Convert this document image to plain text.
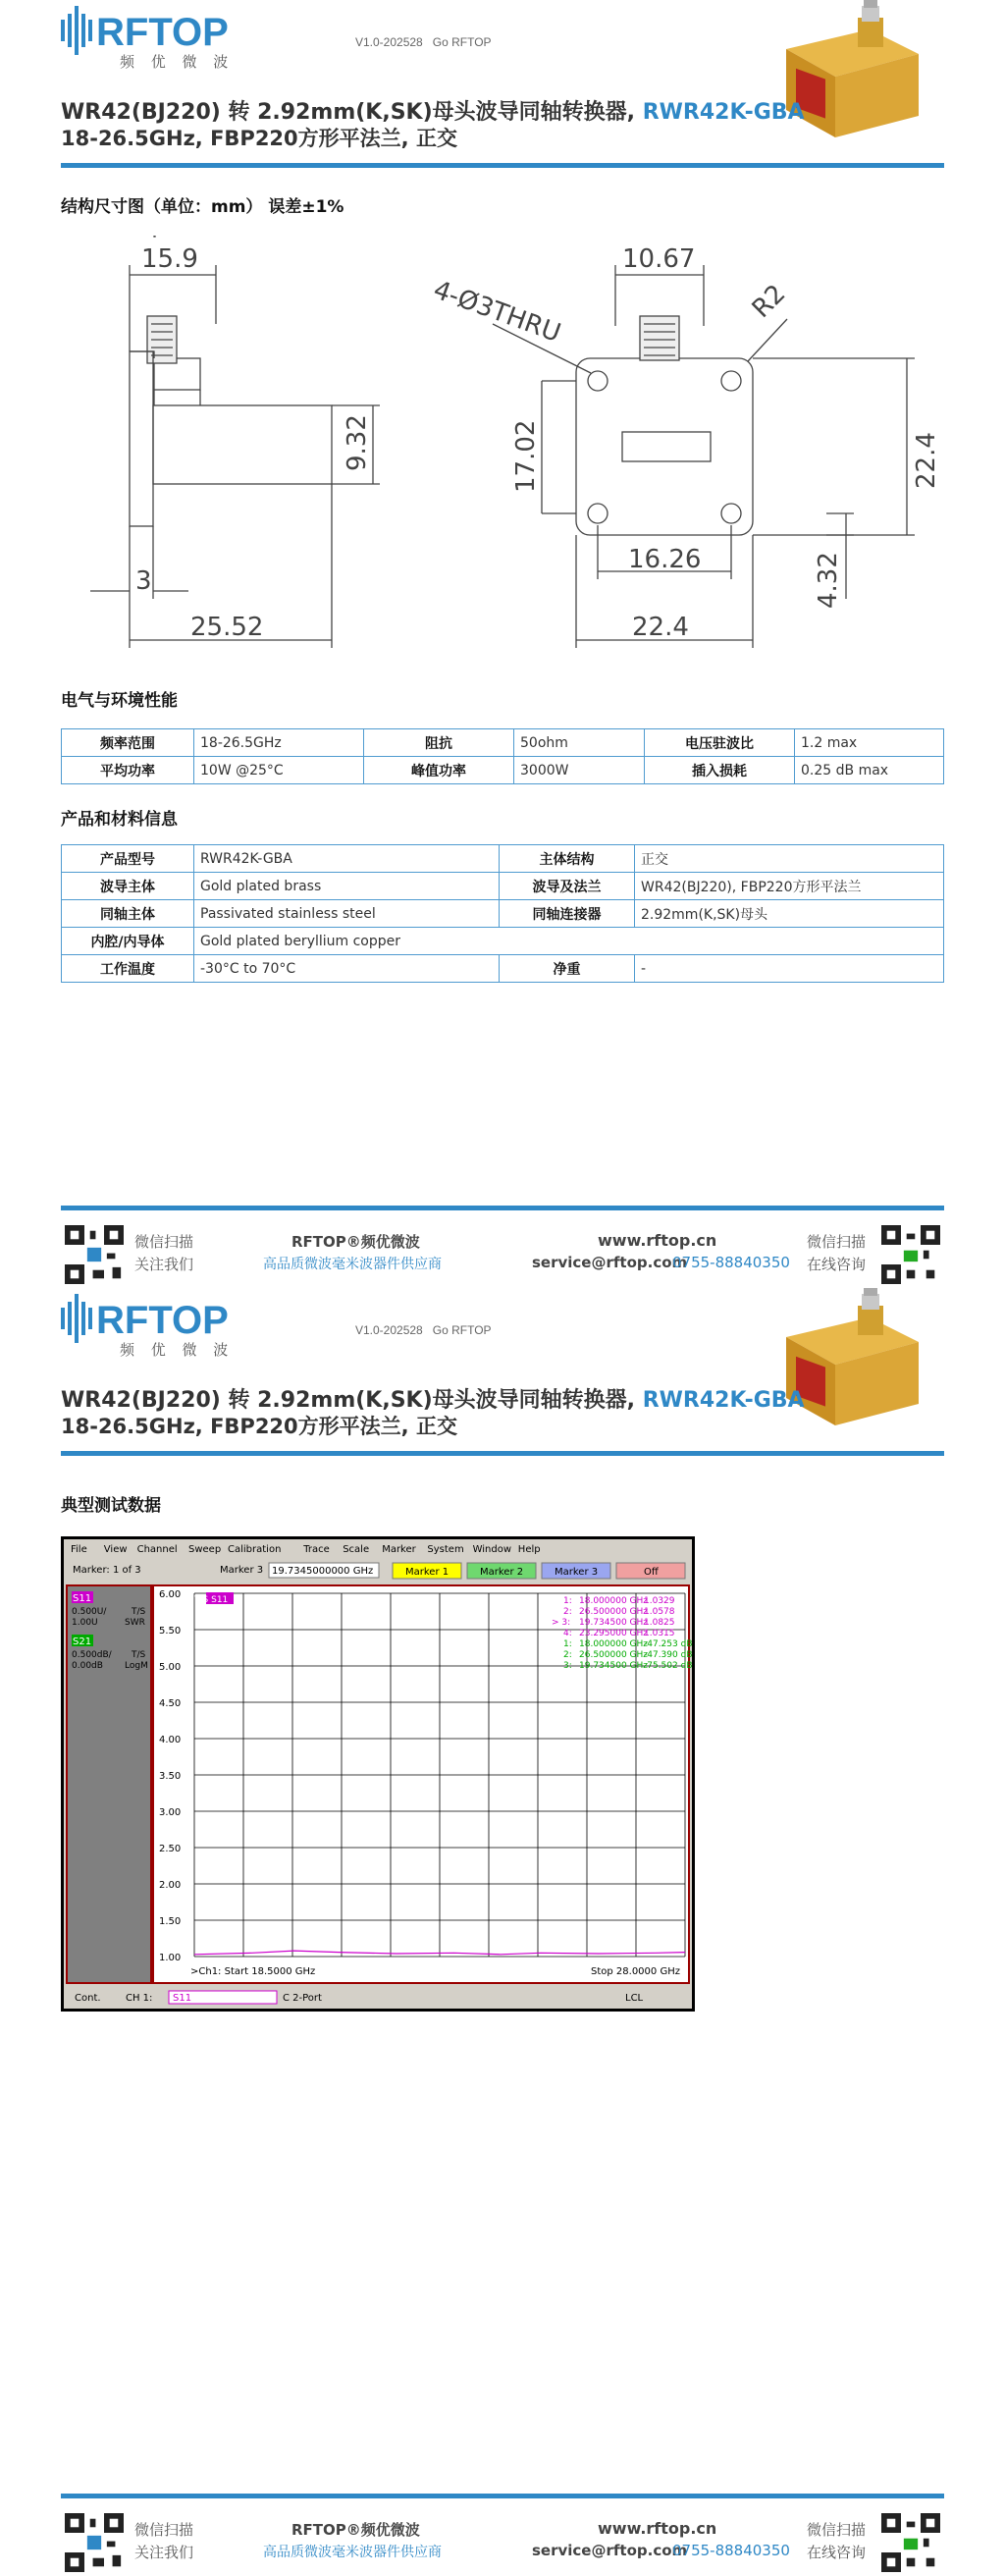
RFTOP
频 优 微 波
V1.0-202528 Go RFTOP
WR42(BJ220) 转 2.92mm(K,SK)母头波导同轴转换器, RWR42K-GBA
18-26.5GHz, FBP220方形平法兰, 正交
结构尺寸图（单位：mm） 误差±1%
15.9
9.32
3
25.52
10.67
4-Ø3THRU	R2
17.02	22.4
16.26	4.32
22.4
电气与环境性能
频率范围	18-26.5GHz	阻抗	50ohm	电压驻波比	1.2 max
平均功率	10W @25°C	峰值功率	3000W	插入损耗	0.25 dB max
产品和材料信息
产品型号	RWR42K-GBA	主体结构	正交
波导主体	Gold plated brass	波导及法兰	WR42(BJ220), FBP220方形平法兰
同轴主体	Passivated stainless steel	同轴连接器	2.92mm(K,SK)母头
内腔/内导体	Gold plated beryllium copper		
工作温度	-30°C to 70°C	净重	-
微信扫描
关注我们
RFTOP®频优微波
高品质微波毫米波器件供应商
www.rftop.cn
service@rftop.com
0755-88840350
微信扫描
在线咨询
RFTOP
频 优 微 波
V1.0-202528 Go RFTOP
WR42(BJ220) 转 2.92mm(K,SK)母头波导同轴转换器, RWR42K-GBA
18-26.5GHz, FBP220方形平法兰, 正交
典型测试数据
微信扫描
关注我们
RFTOP®频优微波
高品质微波毫米波器件供应商
www.rftop.cn
service@rftop.com
0755-88840350
微信扫描
在线咨询
File View Channel Sweep Calibration Trace Scale Marker System Window Help
Marker: 1 of 3	Marker 3 19.7345000000 GHz	Marker 1	Marker 2	Marker 3	Off
S11
0.500U/
1.00U
T/S
SWR
S21
0.500dB/
0.00dB
T/S
LogM
6.00
5.50
5.00
4.50
4.00
3.50
3.00
2.50
2.00
1.50
1.00
T/S S11	1: 18.000000 GHz
1.0329
2: 26.500000 GHz
1.0578
> 3: 19.734500 GHz
1.0825
4: 23.295000 GHz
1.0315
1: 18.000000 GHz
-47.253 dB
2: 26.500000 GHz
-47.390 dB
3: 19.734500 GHz
-75.502 dB
>Ch1: Start 18.5000 GHz	Stop 28.0000 GHz
Cont.	CH 1: S11	C 2-Port	LCL
